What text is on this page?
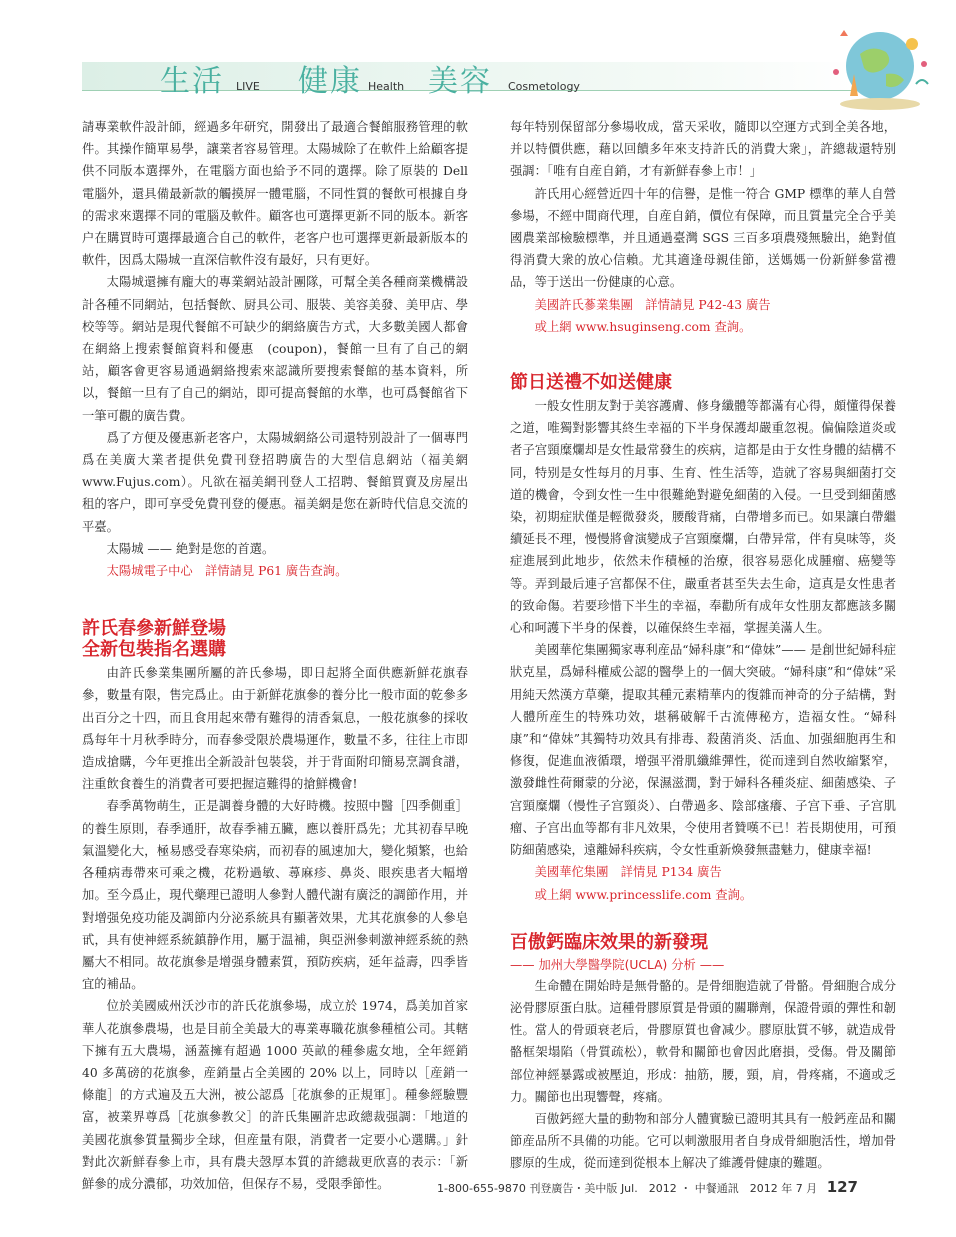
生活 LIVE 健康 Health 美容 Cosmetology

請專業軟件設計師，經過多年研究，開發出了最適合餐館服務管理的軟件。其操作簡單易學，讓業者容易管理。太陽城除了在軟件上給顧客提供不同版本選擇外，在電腦方面也給予不同的選擇。除了原裝的 Dell 電腦外，還具備最新款的觸摸屏一體電腦，不同性質的餐飲可根據自身的需求來選擇不同的電腦及軟件。顧客也可選擇更新不同的版本。新客户在購買時可選擇最適合自己的軟件，老客户也可選擇更新最新版本的軟件，因爲太陽城一直深信軟件沒有最好，只有更好。

太陽城還擁有龐大的專業網站設計團隊，可幫全美各種商業機構設計各種不同網站，包括餐飲、厨具公司、服裝、美容美發、美甲店、學校等等。網站是現代餐館不可缺少的網絡廣告方式，大多數美國人都會在網絡上搜索餐館資料和優惠　(coupon)，餐館一旦有了自己的網站，顧客會更容易通過網絡搜索來認識所要搜索餐館的基本資料，所以，餐館一旦有了自己的網站，即可提高餐館的水準，也可爲餐館省下一筆可觀的廣告費。

爲了方便及優惠新老客户，太陽城網絡公司還特别設計了一個專門爲在美廣大業者提供免費刊登招聘廣告的大型信息網站（福美網 www.Fujus.com）。凡欲在福美網刊登人工招聘、餐館買賣及房屋出租的客户，即可享受免費刊登的優惠。福美網是您在新時代信息交流的平臺。

太陽城 —— 絶對是您的首選。

太陽城電子中心　詳情請見 P61 廣告查詢。

許氏春參新鮮登場
全新包裝指名選購

由許氏參業集團所屬的許氏參場，即日起將全面供應新鮮花旗春參，數量有限，售完爲止。由于新鮮花旗參的養分比一般市面的乾參多出百分之十四，而且食用起來帶有難得的清香氣息，一般花旗參的採收爲每年十月秋季時分，而春參受限於農場運作，數量不多，往往上市即造成搶購，今年更推出全新設計包裝袋，并于背面附印簡易烹調食譜，注重飲食養生的消費者可要把握這難得的搶鮮機會!

春季萬物萌生，正是調養身體的大好時機。按照中醫［四季側重］的養生原則，春季通肝，故春季補五臟，應以養肝爲先；尤其初春早晚氣溫變化大，極易感受春寒染病，而初春的風速加大，變化頻繁，也給各種病毒帶來可乘之機，花粉過敏、蕁麻疹、鼻炎、眼疾患者大幅增加。至今爲止，現代藥理已證明人參對人體代謝有廣泛的調節作用，并對增强免疫功能及調節内分泌系統具有顯著效果，尤其花旗參的人參皂甙，具有使神經系統鎮静作用，屬于温補，與亞洲參刺激神經系統的熱屬大不相同。故花旗參是增强身體素質，預防疾病，延年益壽，四季皆宜的補品。

位於美國威州沃沙市的許氏花旗參場，成立於 1974，爲美加首家華人花旗參農場，也是目前全美最大的專業專職花旗參種植公司。其轄下擁有五大農場，涵蓋擁有超過 1000 英畝的種參處女地，全年經銷 40 多萬磅的花旗參，産銷量占全美國的 20% 以上，同時以［産銷一條龍］的方式遍及五大洲，被公認爲［花旗參的正規軍］。種參經驗豐富，被業界尊爲［花旗參教父］的許氏集團許忠政總裁强調：「地道的美國花旗參質量獨步全球，但産量有限，消費者一定要小心選購。」針對此次新鮮春參上市，具有農夫愨厚本質的許總裁更欣喜的表示：「新鮮參的成分濃郁，功效加倍，但保存不易，受限季節性。

每年特别保留部分參場收成，當天采收，隨即以空運方式到全美各地，并以特價供應，藉以回饋多年來支持許氏的消費大衆」，許總裁還特别强調：「唯有自産自銷，才有新鮮春參上市！」

許氏用心經營近四十年的信譽，是惟一符合 GMP 標準的華人自營參場，不經中間商代理，自産自銷，價位有保障，而且質量完全合乎美國農業部檢驗標準，并且通過臺灣 SGS 三百多項農殘無驗出，絶對值得消費大衆的放心信賴。尤其適逢母親佳節，送媽媽一份新鮮參當禮品，等于送出一份健康的心意。

美國許氏蔘業集團　詳情請見 P42-43 廣告

或上網 www.hsuginseng.com 查詢。

節日送禮不如送健康

一般女性朋友對于美容護膚、修身纖體等都滿有心得，頗懂得保養之道，唯獨對影響其終生幸福的下半身保護却嚴重忽視。偏偏陰道炎或者子宫頸糜爛却是女性最常發生的疾病，這都是由于女性身體的結構不同，特别是女性每月的月事、生育、性生活等，造就了容易與細菌打交道的機會，令到女性一生中很難絶對避免細菌的入侵。一旦受到細菌感染，初期症狀僅是輕微發炎，腰酸背痛，白帶增多而已。如果讓白帶繼續延長不理，慢慢將會演變成子宫頸糜爛，白帶异常，伴有臭味等，炎症進展到此地步，依然未作積極的治療，很容易惡化成腫瘤、癌變等等。弄到最后連子宫都保不住，嚴重者甚至失去生命，這真是女性患者的致命傷。若要珍惜下半生的幸福，奉勸所有成年女性朋友都應該多關心和呵護下半身的保養，以確保終生幸福，掌握美滿人生。

美國華佗集團獨家專利産品“婦科康”和“偉妹”—— 是創世紀婦科症狀克星，爲婦科權威公認的醫學上的一個大突破。“婦科康”和“偉妹”采用純天然漢方草藥，提取其種元素精華内的復雜而神奇的分子結構，對人體所産生的特殊功效，堪稱破解千古流傳秘方，造福女性。“婦科康”和“偉妹”其獨特功效具有排毒、殺菌消炎、活血、加强細胞再生和修復，促進血液循環，增强平滑肌纖維彈性，從而達到自然收縮緊窄，激發雌性荷爾蒙的分泌，保濕滋潤，對于婦科各種炎症、細菌感染、子宫頸糜爛（慢性子宫頸炎）、白帶過多、陰部瘙癢、子宫下垂、子宫肌瘤、子宫出血等都有非凡效果，令使用者贊嘆不已！若長期使用，可預防細菌感染，遠離婦科疾病，令女性重新煥發無盡魅力，健康幸福!

美國華佗集團　詳情見 P134 廣告

或上網 www.princesslife.com 查詢。

百傲鈣臨床效果的新發現

—— 加州大學醫學院(UCLA) 分析 ——

生命體在開始時是無骨骼的。是骨细胞造就了骨骼。骨細胞合成分泌骨膠原蛋白肽。這種骨膠原質是骨頭的關聯劑，保證骨頭的彈性和韌性。當人的骨頭衰老后，骨膠原質也會减少。膠原肽質不够，就造成骨骼框架塌陷（骨質疏松），軟骨和關節也會因此磨損，受傷。骨及關節部位神經暴露或被壓迫，形成：抽筋，腰，頸，肩，骨疼痛，不適或乏力。關節也出現響聲，疼痛。

百傲鈣經大量的動物和部分人體實驗已證明其具有一般鈣産品和關節産品所不具備的功能。它可以刺激服用者自身成骨細胞活性，增加骨膠原的生成，從而達到從根本上解决了維護骨健康的難題。

1-800-655-9870 刊登廣告・美中版 Jul.　2012 ・ 中餐通訊　2012 年 7 月 127
